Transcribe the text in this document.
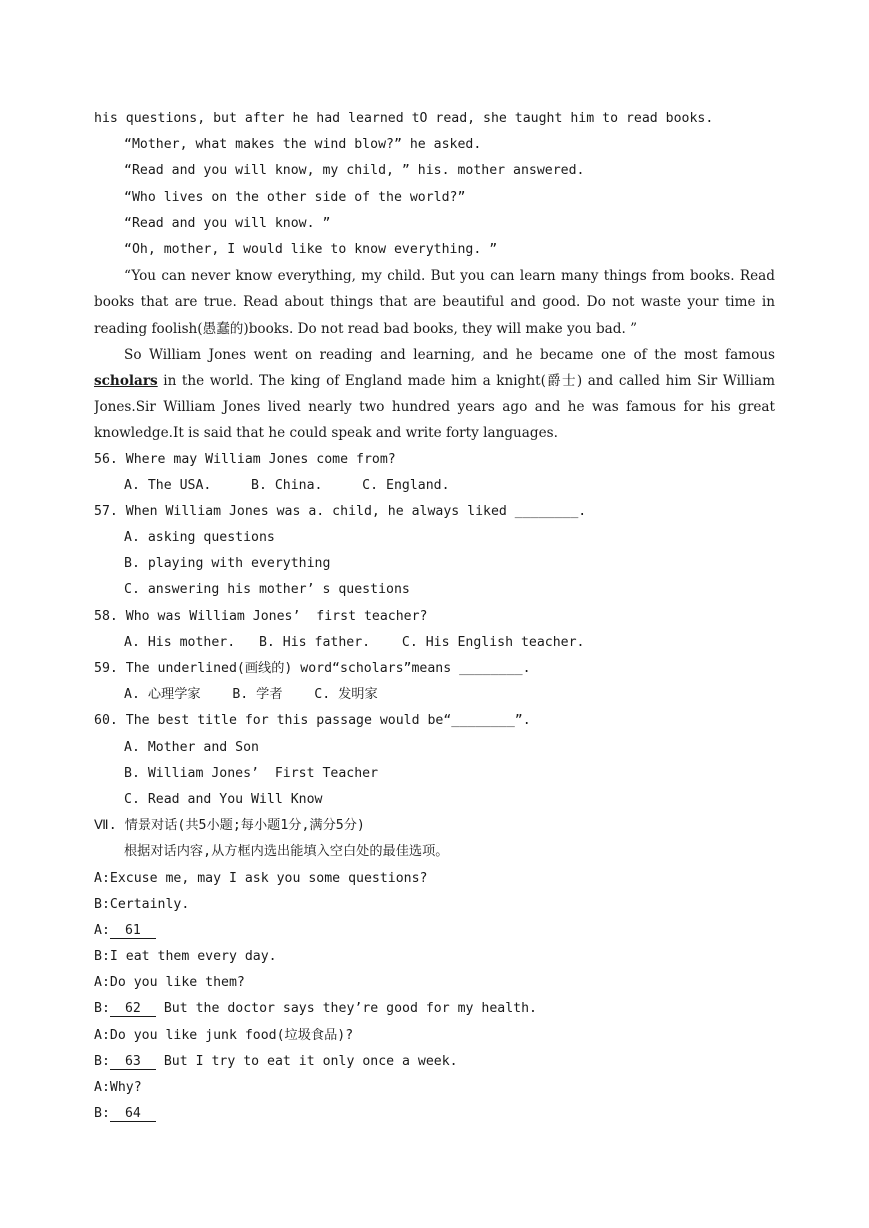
his questions, but after he had learned tO read, she taught him to read books.
“Mother, what makes the wind blow?” he asked.
“Read and you will know, my child, ” his. mother answered.
“Who lives on the other side of the world?”
“Read and you will know. ”
“Oh, mother, I would like to know everything. ”
“You can never know everything, my child. But you can learn many things from books. Read books that are true. Read about things that are beautiful and good. Do not waste your time in reading foolish(愚蠢的)books. Do not read bad books, they will make you bad. ”
So William Jones went on reading and learning, and he became one of the most famous scholars in the world. The king of England made him a knight(爵士) and called him Sir William Jones.Sir William Jones lived nearly two hundred years ago and he was famous for his great knowledge.It is said that he could speak and write forty languages.
56. Where may William Jones come from?
A. The USA.     B. China.     C. England.
57. When William Jones was a. child, he always liked ________.
A. asking questions
B. playing with everything
C. answering his mother’ s questions
58. Who was William Jones’  first teacher?
A. His mother.   B. His father.    C. His English teacher.
59. The underlined(画线的) word“scholars”means ________.
A. 心理学家    B. 学者    C. 发明家
60. The best title for this passage would be“________”.
A. Mother and Son
B. William Jones’  First Teacher
C. Read and You Will Know
Ⅶ. 情景对话(共5小题;每小题1分,满分5分)
根据对话内容,从方框内选出能填入空白处的最佳选项。
A:Excuse me, may I ask you some questions?
B:Certainly.
A: 61
B:I eat them every day.
A:Do you like them?
B: 62 But the doctor says they’re good for my health.
A:Do you like junk food(垃圾食品)?
B: 63 But I try to eat it only once a week.
A:Why?
B: 64
